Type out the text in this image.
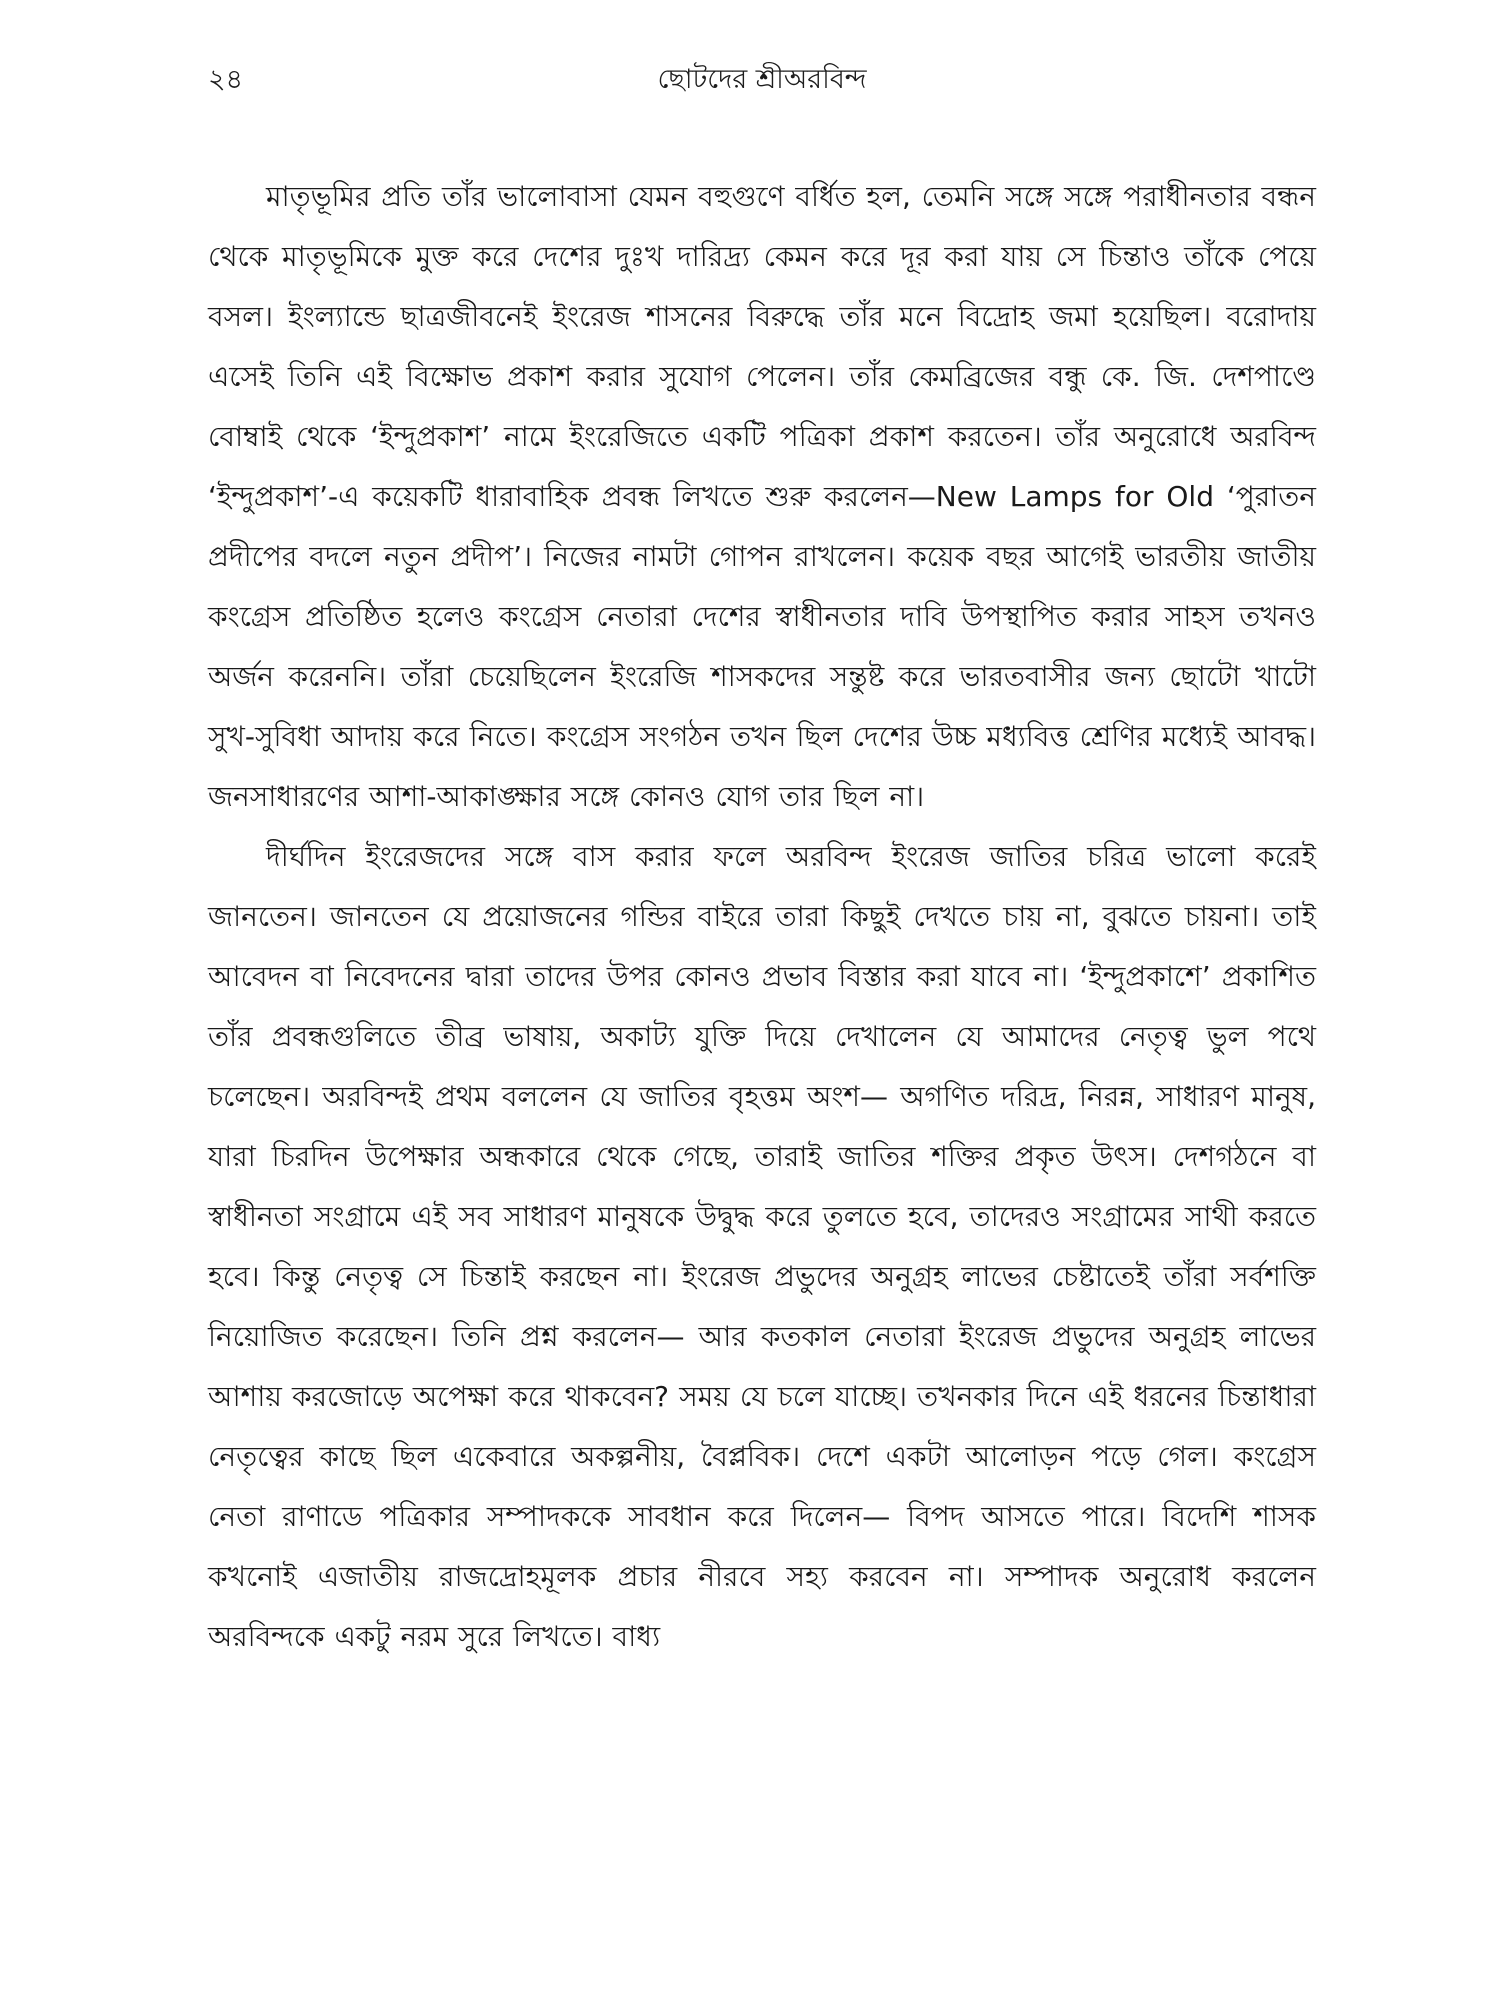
২৪	ছোটদের শ্রীঅরবিন্দ

মাতৃভূমির প্রতি তাঁর ভালোবাসা যেমন বহুগুণে বর্ধিত হল, তেমনি সঙ্গে সঙ্গে পরাধীনতার বন্ধন থেকে মাতৃভূমিকে মুক্ত করে দেশের দুঃখ দারিদ্র্য কেমন করে দূর করা যায় সে চিন্তাও তাঁকে পেয়ে বসল। ইংল্যান্ডে ছাত্রজীবনেই ইংরেজ শাসনের বিরুদ্ধে তাঁর মনে বিদ্রোহ জমা হয়েছিল। বরোদায় এসেই তিনি এই বিক্ষোভ প্রকাশ করার সুযোগ পেলেন। তাঁর কেমব্রিজের বন্ধু কে. জি. দেশপাণ্ডে বোম্বাই থেকে ‘ইন্দুপ্রকাশ’ নামে ইংরেজিতে একটি পত্রিকা প্রকাশ করতেন। তাঁর অনুরোধে অরবিন্দ ‘ইন্দুপ্রকাশ’-এ কয়েকটি ধারাবাহিক প্রবন্ধ লিখতে শুরু করলেন—New Lamps for Old ‘পুরাতন প্রদীপের বদলে নতুন প্রদীপ’। নিজের নামটা গোপন রাখলেন। কয়েক বছর আগেই ভারতীয় জাতীয় কংগ্রেস প্রতিষ্ঠিত হলেও কংগ্রেস নেতারা দেশের স্বাধীনতার দাবি উপস্থাপিত করার সাহস তখনও অর্জন করেননি। তাঁরা চেয়েছিলেন ইংরেজি শাসকদের সন্তুষ্ট করে ভারতবাসীর জন্য ছোটো খাটো সুখ-সুবিধা আদায় করে নিতে। কংগ্রেস সংগঠন তখন ছিল দেশের উচ্চ মধ্যবিত্ত শ্রেণির মধ্যেই আবদ্ধ। জনসাধারণের আশা-আকাঙ্ক্ষার সঙ্গে কোনও যোগ তার ছিল না।

দীর্ঘদিন ইংরেজদের সঙ্গে বাস করার ফলে অরবিন্দ ইংরেজ জাতির চরিত্র ভালো করেই জানতেন। জানতেন যে প্রয়োজনের গন্ডির বাইরে তারা কিছুই দেখতে চায় না, বুঝতে চায়না। তাই আবেদন বা নিবেদনের দ্বারা তাদের উপর কোনও প্রভাব বিস্তার করা যাবে না। ‘ইন্দুপ্রকাশে’ প্রকাশিত তাঁর প্রবন্ধগুলিতে তীব্র ভাষায়, অকাট্য যুক্তি দিয়ে দেখালেন যে আমাদের নেতৃত্ব ভুল পথে চলেছেন। অরবিন্দই প্রথম বললেন যে জাতির বৃহত্তম অংশ— অগণিত দরিদ্র, নিরন্ন, সাধারণ মানুষ, যারা চিরদিন উপেক্ষার অন্ধকারে থেকে গেছে, তারাই জাতির শক্তির প্রকৃত উৎস। দেশগঠনে বা স্বাধীনতা সংগ্রামে এই সব সাধারণ মানুষকে উদ্বুদ্ধ করে তুলতে হবে, তাদেরও সংগ্রামের সাথী করতে হবে। কিন্তু নেতৃত্ব সে চিন্তাই করছেন না। ইংরেজ প্রভুদের অনুগ্রহ লাভের চেষ্টাতেই তাঁরা সর্বশক্তি নিয়োজিত করেছেন। তিনি প্রশ্ন করলেন— আর কতকাল নেতারা ইংরেজ প্রভুদের অনুগ্রহ লাভের আশায় করজোড়ে অপেক্ষা করে থাকবেন? সময় যে চলে যাচ্ছে। তখনকার দিনে এই ধরনের চিন্তাধারা নেতৃত্বের কাছে ছিল একেবারে অকল্পনীয়, বৈপ্লবিক। দেশে একটা আলোড়ন পড়ে গেল। কংগ্রেস নেতা রাণাডে পত্রিকার সম্পাদককে সাবধান করে দিলেন— বিপদ আসতে পারে। বিদেশি শাসক কখনোই এজাতীয় রাজদ্রোহমূলক প্রচার নীরবে সহ্য করবেন না। সম্পাদক অনুরোধ করলেন অরবিন্দকে একটু নরম সুরে লিখতে। বাধ্য
